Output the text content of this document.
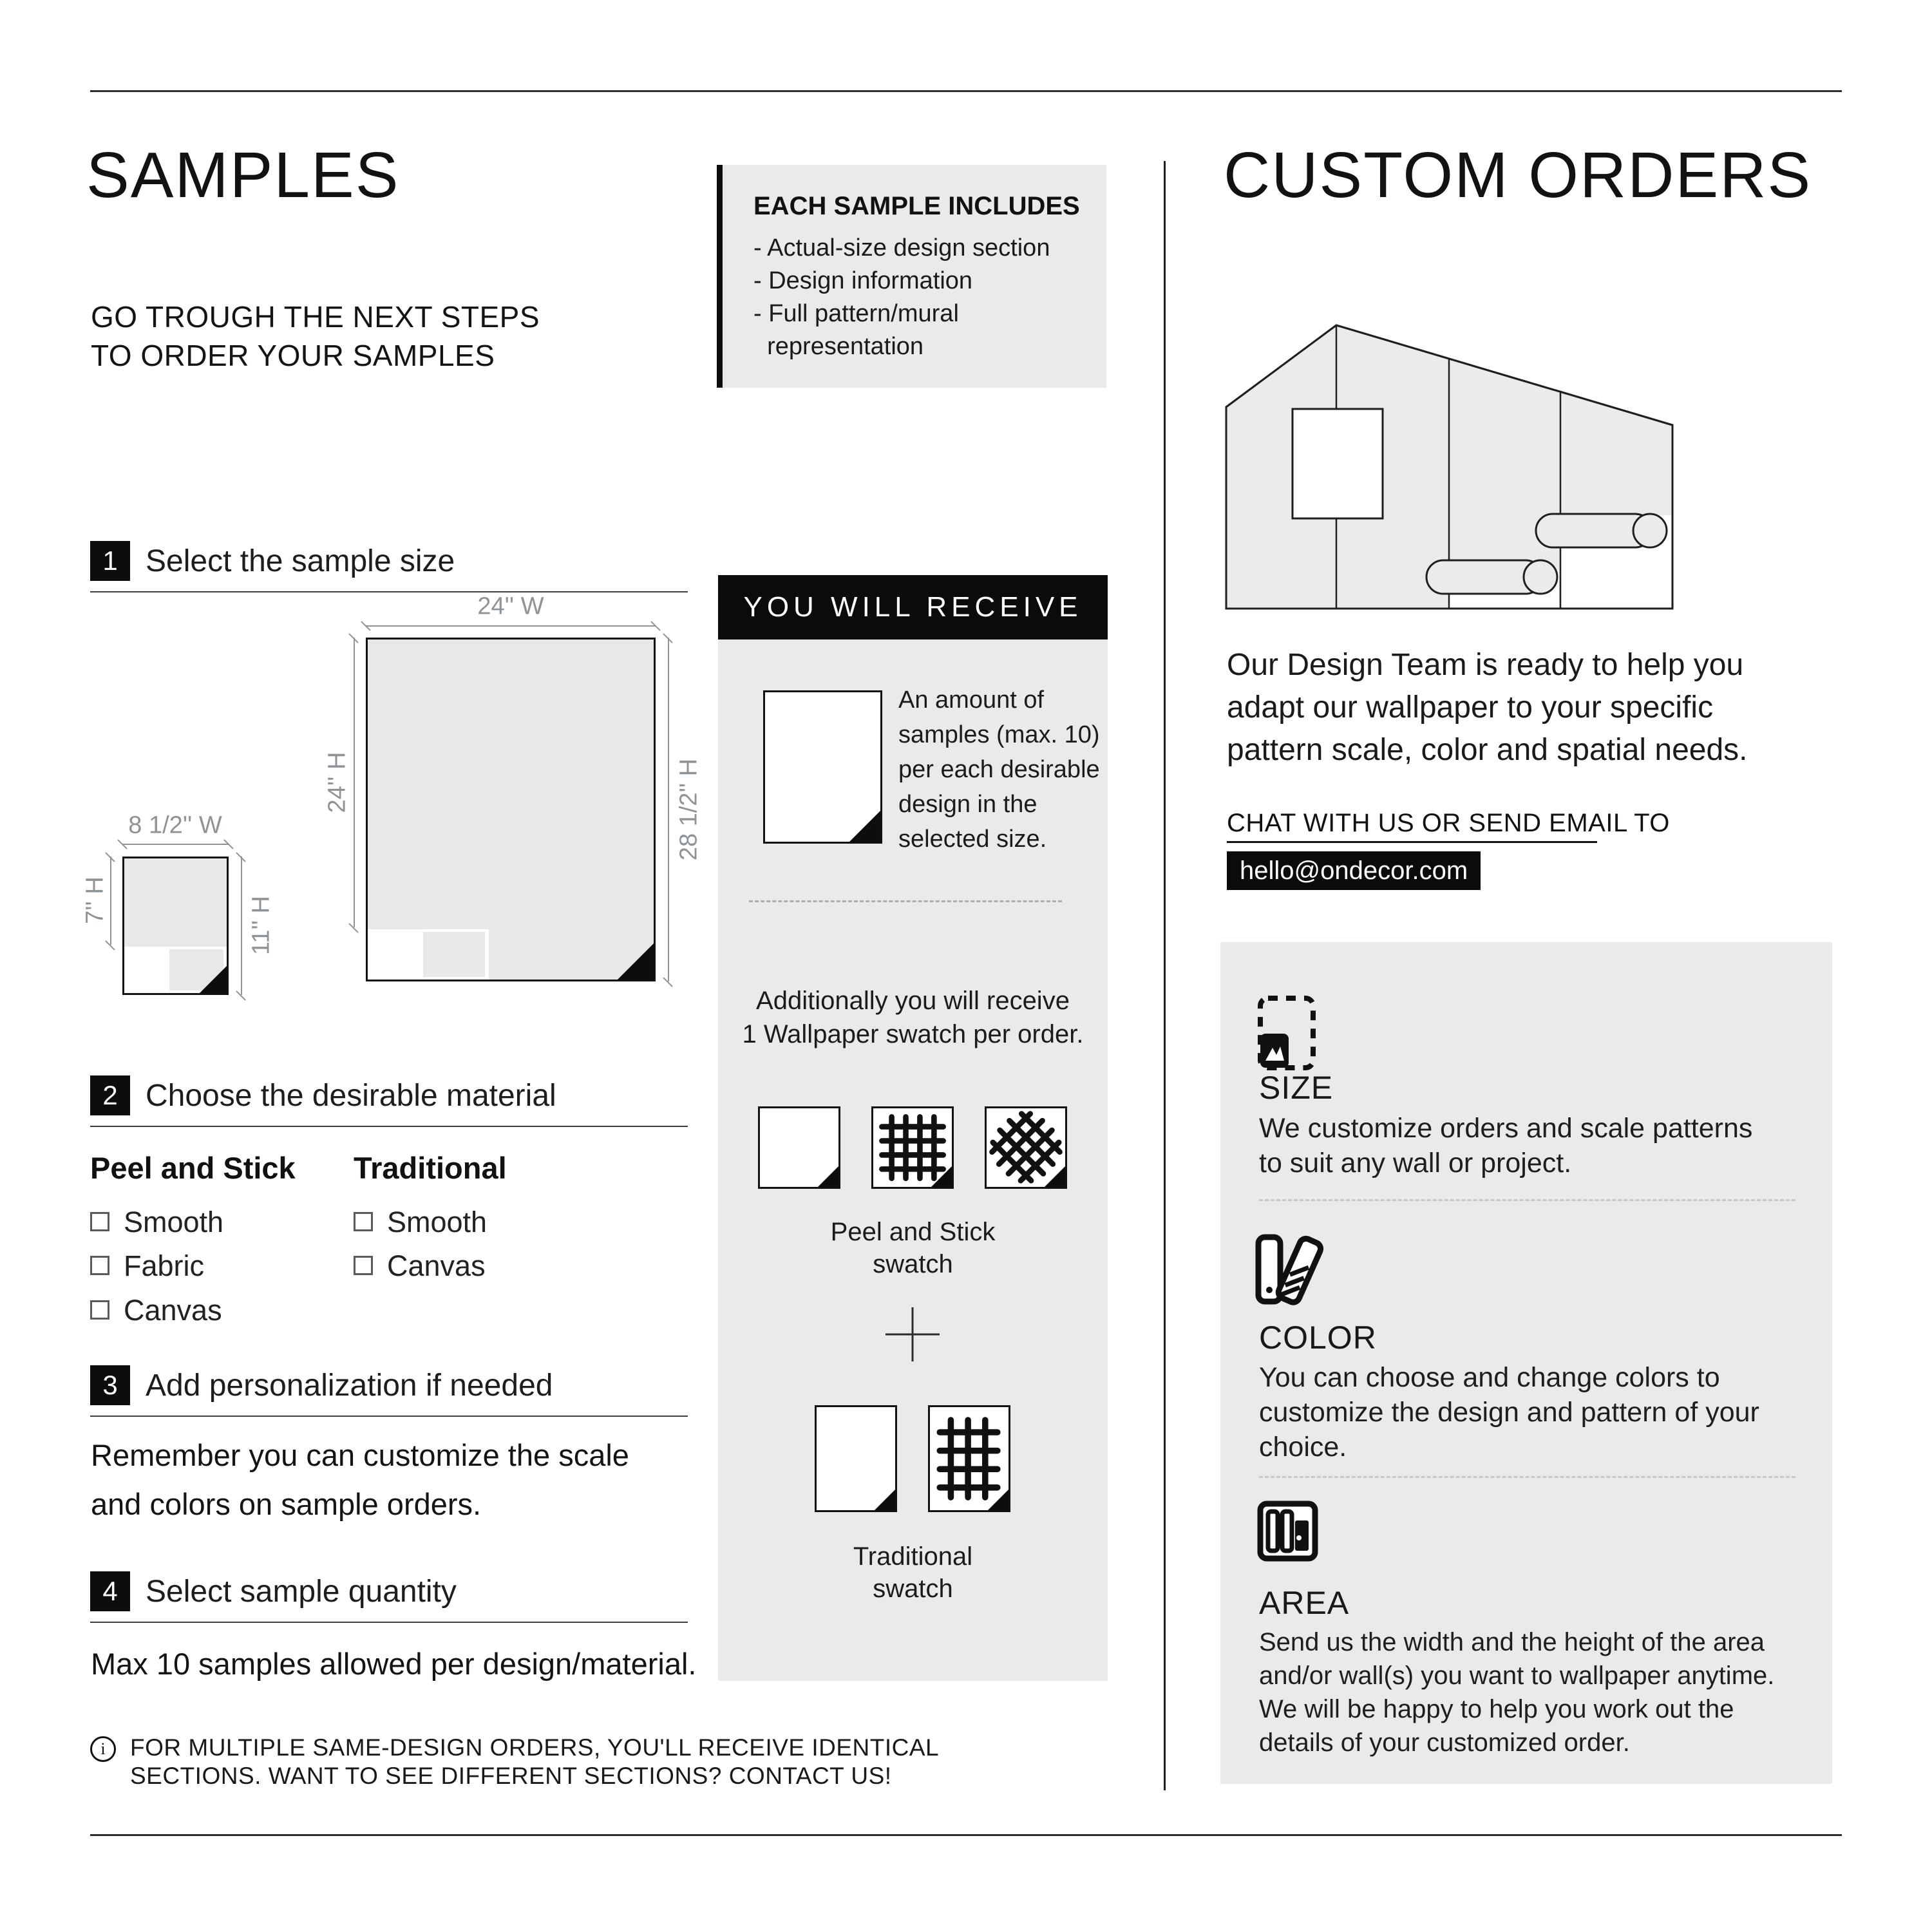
SAMPLES
GO TROUGH THE NEXT STEPS
TO ORDER YOUR SAMPLES
EACH SAMPLE INCLUDES
- Actual-size design section
- Design information
- Full pattern/mural
representation
1 Select the sample size
2 Choose the desirable material
3 Add personalization if needed
4 Select sample quantity
8 1/2'' W
7'' H	11'' H
24'' W
24'' H	28 1/2'' H
Peel and Stick Traditional
Smooth
Fabric
Canvas
Smooth
Canvas
Remember you can customize the scale
and colors on sample orders.
Max 10 samples allowed per design/material.
i
FOR MULTIPLE SAME-DESIGN ORDERS, YOU'LL RECEIVE IDENTICAL
SECTIONS. WANT TO SEE DIFFERENT SECTIONS? CONTACT US!
YOU WILL RECEIVE
An amount of
samples (max. 10)
per each desirable
design in the
selected size.
Additionally you will receive
1 Wallpaper swatch per order.
Peel and Stick
swatch
Traditional
swatch
CUSTOM ORDERS
Our Design Team is ready to help you
adapt our wallpaper to your specific
pattern scale, color and spatial needs.
CHAT WITH US OR SEND EMAIL TO
hello@ondecor.com
SIZE
We customize orders and scale patterns
to suit any wall or project.
COLOR
You can choose and change colors to
customize the design and pattern of your
choice.
AREA
Send us the width and the height of the area
and/or wall(s) you want to wallpaper anytime.
We will be happy to help you work out the
details of your customized order.
